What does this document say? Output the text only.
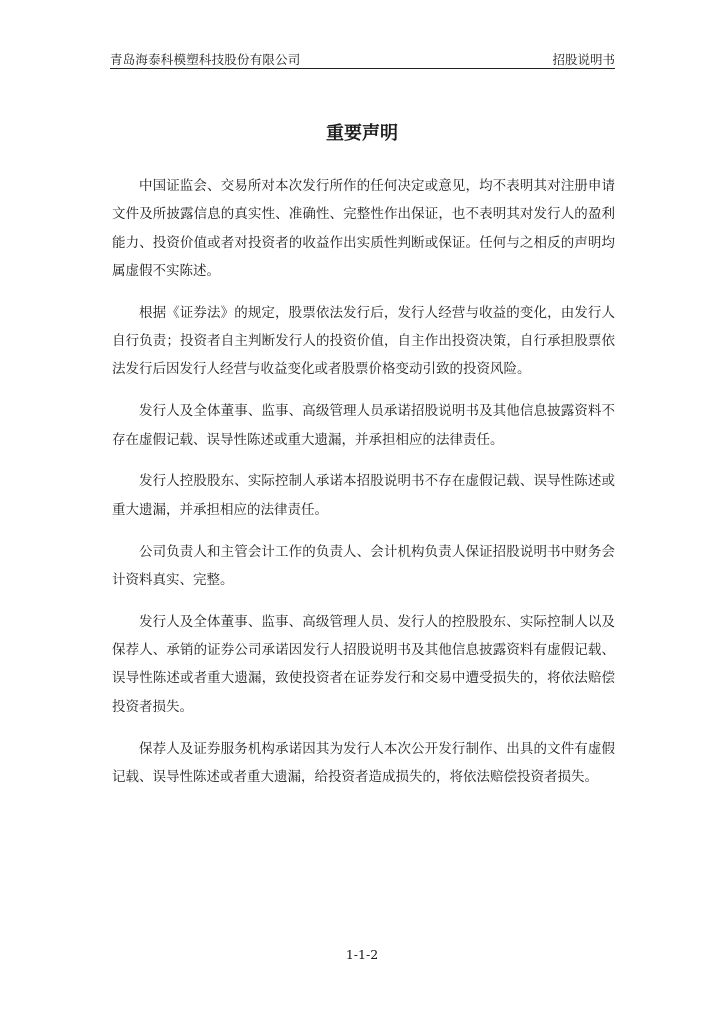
青岛海泰科模塑科技股份有限公司	招股说明书
重要声明

中国证监会、交易所对本次发行所作的任何决定或意见，均不表明其对注册申请文件及所披露信息的真实性、准确性、完整性作出保证，也不表明其对发行人的盈利能力、投资价值或者对投资者的收益作出实质性判断或保证。任何与之相反的声明均属虚假不实陈述。

根据《证券法》的规定，股票依法发行后，发行人经营与收益的变化，由发行人自行负责；投资者自主判断发行人的投资价值，自主作出投资决策，自行承担股票依法发行后因发行人经营与收益变化或者股票价格变动引致的投资风险。

发行人及全体董事、监事、高级管理人员承诺招股说明书及其他信息披露资料不存在虚假记载、误导性陈述或重大遗漏，并承担相应的法律责任。

发行人控股股东、实际控制人承诺本招股说明书不存在虚假记载、误导性陈述或重大遗漏，并承担相应的法律责任。

公司负责人和主管会计工作的负责人、会计机构负责人保证招股说明书中财务会计资料真实、完整。

发行人及全体董事、监事、高级管理人员、发行人的控股股东、实际控制人以及保荐人、承销的证券公司承诺因发行人招股说明书及其他信息披露资料有虚假记载、误导性陈述或者重大遗漏，致使投资者在证券发行和交易中遭受损失的，将依法赔偿投资者损失。

保荐人及证券服务机构承诺因其为发行人本次公开发行制作、出具的文件有虚假记载、误导性陈述或者重大遗漏，给投资者造成损失的，将依法赔偿投资者损失。

1-1-2
